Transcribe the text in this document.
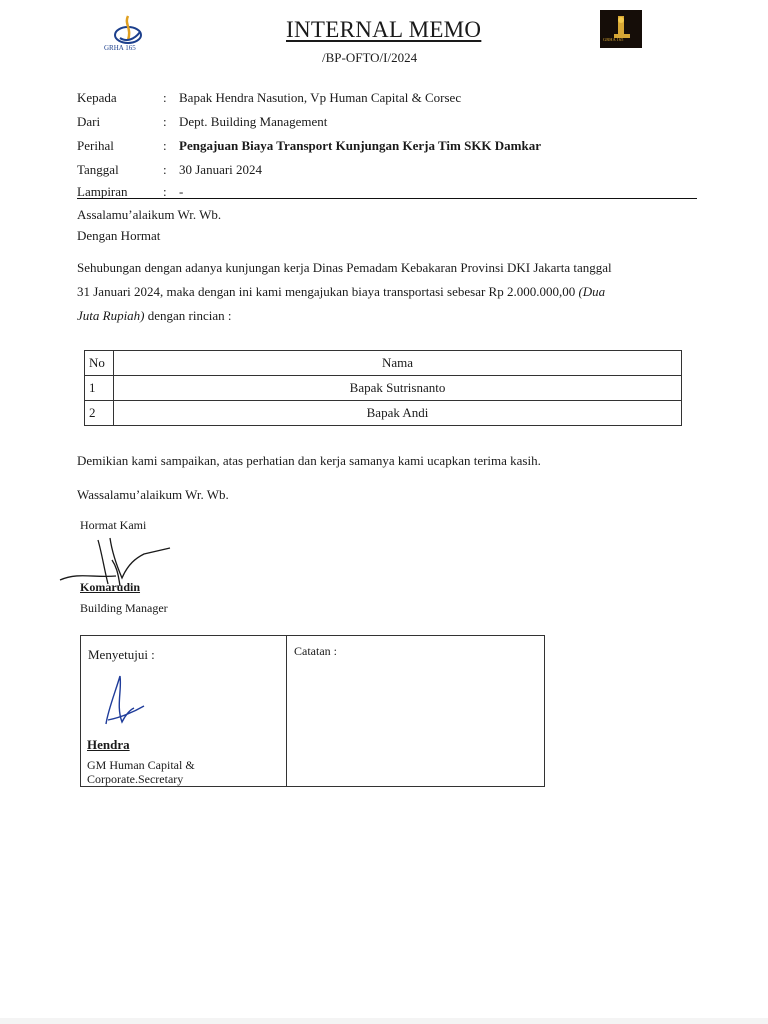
GRHA 165
GRHA 165
INTERNAL MEMO
/BP-OFTO/I/2024
Kepada	: Bapak Hendra Nasution, Vp Human Capital & Corsec
Dari	: Dept. Building Management
Perihal	: Pengajuan Biaya Transport Kunjungan Kerja Tim SKK Damkar
Tanggal	: 30 Januari 2024
Lampiran	: -
Assalamu’alaikum Wr. Wb.
Dengan Hormat
Sehubungan dengan adanya kunjungan kerja Dinas Pemadam Kebakaran Provinsi DKI Jakarta tanggal
31 Januari 2024, maka dengan ini kami mengajukan biaya transportasi sebesar Rp 2.000.000,00 (Dua
Juta Rupiah) dengan rincian :
No	Nama
1	Bapak Sutrisnanto
2	Bapak Andi
Demikian kami sampaikan, atas perhatian dan kerja samanya kami ucapkan terima kasih.
Wassalamu’alaikum Wr. Wb.
Hormat Kami
Komarudin
Building Manager
Menyetujui :	Catatan :
Hendra
GM Human Capital &
Corporate.Secretary
